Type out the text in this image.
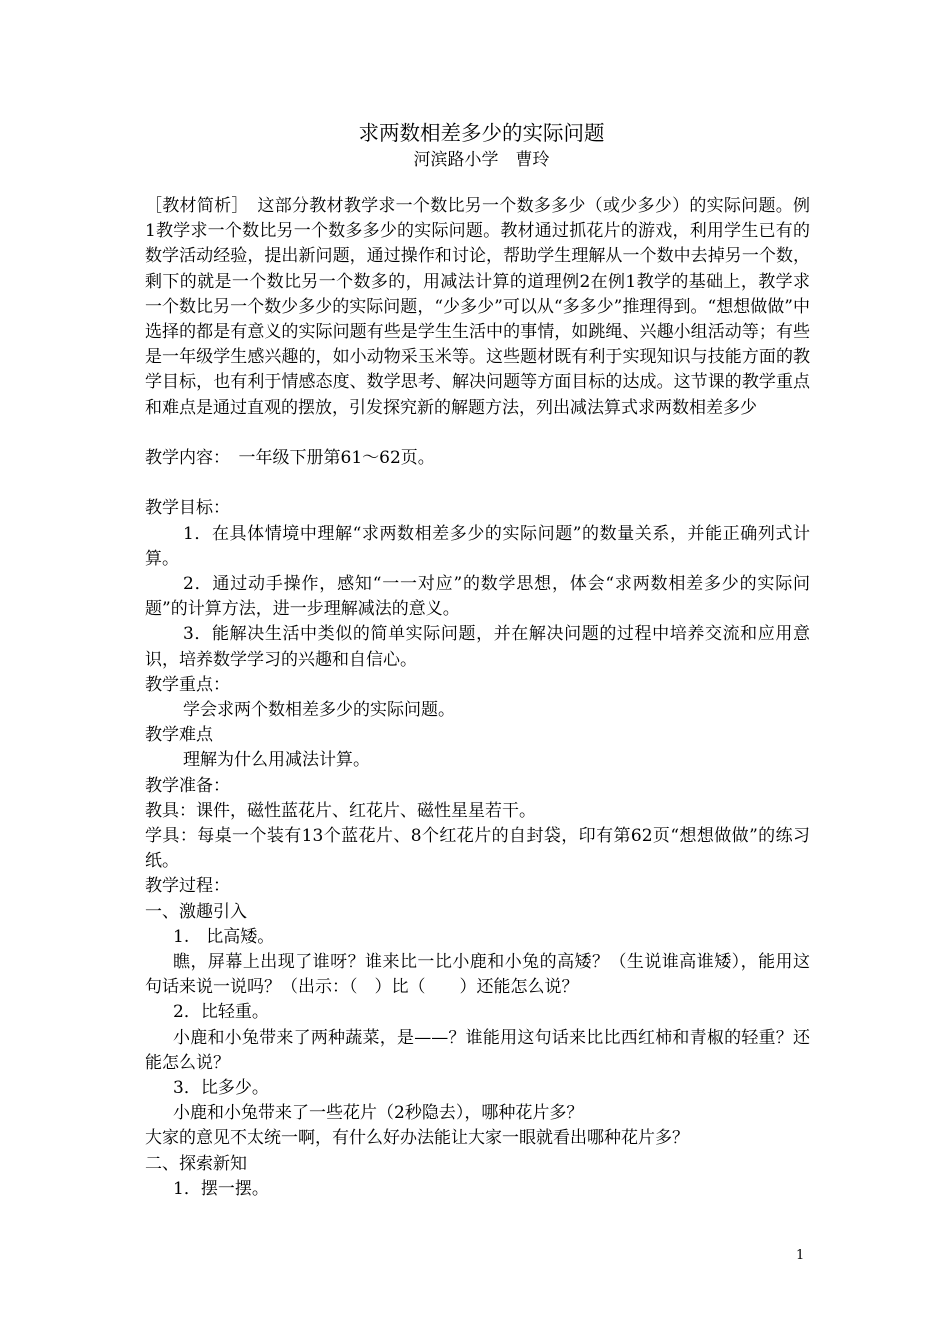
求两数相差多少的实际问题

河滨路小学　曹玲

［教材简析］　这部分教材教学求一个数比另一个数多多少（或少多少）的实际问题。例1教学求一个数比另一个数多多少的实际问题。教材通过抓花片的游戏，利用学生已有的数学活动经验，提出新问题，通过操作和讨论，帮助学生理解从一个数中去掉另一个数，剩下的就是一个数比另一个数多的，用减法计算的道理例2在例1教学的基础上，教学求一个数比另一个数少多少的实际问题，“少多少”可以从“多多少”推理得到。“想想做做”中选择的都是有意义的实际问题有些是学生生活中的事情，如跳绳、兴趣小组活动等；有些是一年级学生感兴趣的，如小动物采玉米等。这些题材既有利于实现知识与技能方面的教学目标，也有利于情感态度、数学思考、解决问题等方面目标的达成。这节课的教学重点和难点是通过直观的摆放，引发探究新的解题方法，列出减法算式求两数相差多少

教学内容：　一年级下册第61～62页。

教学目标：

1．在具体情境中理解“求两数相差多少的实际问题”的数量关系，并能正确列式计算。

2．通过动手操作，感知“一一对应”的数学思想，体会“求两数相差多少的实际问题”的计算方法，进一步理解减法的意义。

3．能解决生活中类似的简单实际问题，并在解决问题的过程中培养交流和应用意识，培养数学学习的兴趣和自信心。

教学重点：

学会求两个数相差多少的实际问题。

教学难点

理解为什么用减法计算。

教学准备：

教具：课件，磁性蓝花片、红花片、磁性星星若干。

学具：每桌一个装有13个蓝花片、8个红花片的自封袋，印有第62页“想想做做”的练习纸。

教学过程：

一、激趣引入

1.　比高矮。

瞧，屏幕上出现了谁呀？谁来比一比小鹿和小兔的高矮？（生说谁高谁矮），能用这句话来说一说吗？（出示：（　）比（　　）还能怎么说？

2．比轻重。

小鹿和小兔带来了两种蔬菜，是——？谁能用这句话来比比西红柿和青椒的轻重？还能怎么说？

3．比多少。

小鹿和小兔带来了一些花片（2秒隐去），哪种花片多？

大家的意见不太统一啊，有什么好办法能让大家一眼就看出哪种花片多？

二、探索新知

1．摆一摆。

1
